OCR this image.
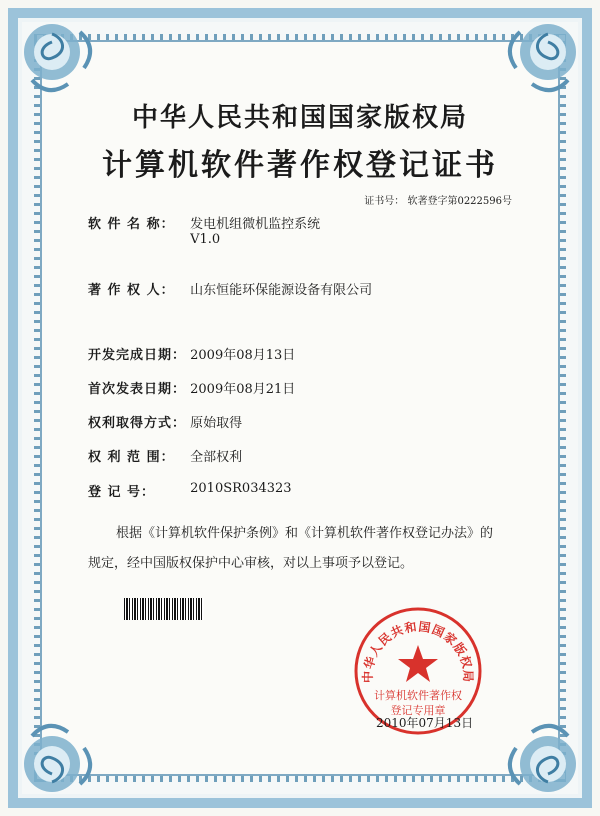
中华人民共和国国家版权局
计算机软件著作权登记证书
证书号： 软著登字第0222596号
软 件 名 称： 发电机组微机监控系统
V1.0
著 作 权 人： 山东恒能环保能源设备有限公司
开发完成日期： 2009年08月13日
首次发表日期： 2009年08月21日
权利取得方式： 原始取得
权 利 范 围： 全部权利
登 记 号：	2010SR034323

根据《计算机软件保护条例》和《计算机软件著作权登记办法》的

规定，经中国版权保护中心审核，对以上事项予以登记。

中华人民共和国国家版权局
计算机软件著作权
登记专用章
2010年07月13日
